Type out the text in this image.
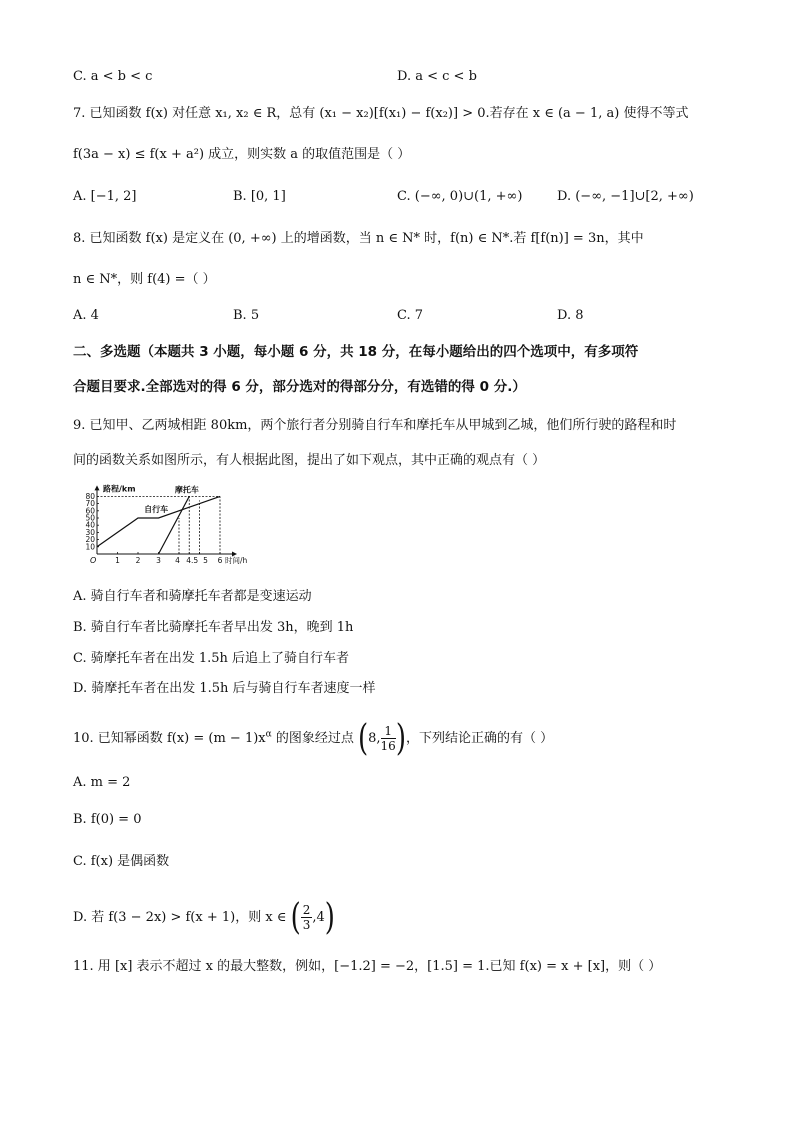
C. a < b < c	D. a < c < b
7. 已知函数 f(x) 对任意 x₁, x₂ ∈ R，总有 (x₁ − x₂)[f(x₁) − f(x₂)] > 0.若存在 x ∈ (a − 1, a) 使得不等式
f(3a − x) ≤ f(x + a²) 成立，则实数 a 的取值范围是（ ）
A. [−1, 2]	B. [0, 1]	C. (−∞, 0)∪(1, +∞)	D. (−∞, −1]∪[2, +∞)
8. 已知函数 f(x) 是定义在 (0, +∞) 上的增函数，当 n ∈ N* 时，f(n) ∈ N*.若 f[f(n)] = 3n，其中
n ∈ N*，则 f(4) =（ ）
A. 4	B. 5	C. 7	D. 8
二、多选题（本题共 3 小题，每小题 6 分，共 18 分，在每小题给出的四个选项中，有多项符
合题目要求.全部选对的得 6 分，部分选对的得部分分，有选错的得 0 分.）
9. 已知甲、乙两城相距 80km，两个旅行者分别骑自行车和摩托车从甲城到乙城，他们所行驶的路程和时
间的函数关系如图所示，有人根据此图，提出了如下观点，其中正确的观点有（ ）
10
20
30
40
50
60
70
80
1 2 3 4 4.5 5 6
O
自行车
摩托车
路程/km
时间/h
A. 骑自行车者和骑摩托车者都是变速运动
B. 骑自行车者比骑摩托车者早出发 3h，晚到 1h
C. 骑摩托车者在出发 1.5h 后追上了骑自行车者
D. 骑摩托车者在出发 1.5h 后与骑自行车者速度一样
10. 已知幂函数 $f(x) = (m - 1)x^\alpha$ 的图象经过点 (8, $\frac{1}{16}$ )，下列结论正确的有（ ）
A. m = 2
B. f(0) = 0
C. f(x) 是偶函数
D. 若 f(3 − 2x) > f(x + 1)，则 x ∈ ( $\frac{2}{3} ,4$)
11. 用 [x] 表示不超过 x 的最大整数，例如，[−1.2] = −2，[1.5] = 1.已知 f(x) = x + [x]，则（ ）
